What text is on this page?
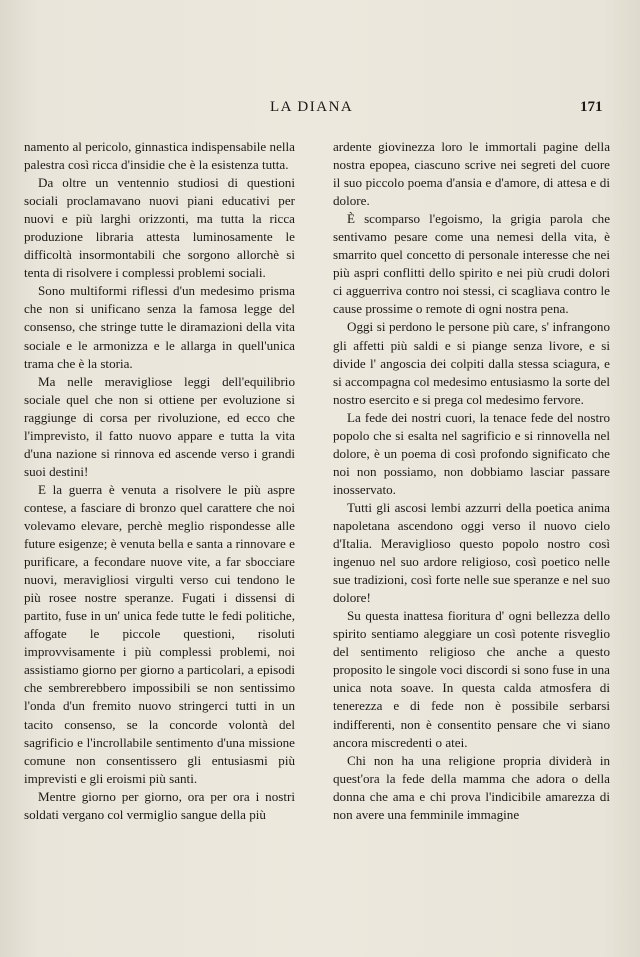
LA DIANA	171

namento al pericolo, ginnastica indispensabile nella palestra così ricca d'insidie che è la esistenza tutta.

Da oltre un ventennio studiosi di questioni sociali proclamavano nuovi piani educativi per nuovi e più larghi orizzonti, ma tutta la ricca produzione libraria attesta luminosamente le difficoltà insormontabili che sorgono allorchè si tenta di risolvere i complessi problemi sociali.

Sono multiformi riflessi d'un medesimo prisma che non si unificano senza la famosa legge del consenso, che stringe tutte le diramazioni della vita sociale e le armonizza e le allarga in quell'unica trama che è la storia.

Ma nelle meravigliose leggi dell'equilibrio sociale quel che non si ottiene per evoluzione si raggiunge di corsa per rivoluzione, ed ecco che l'imprevisto, il fatto nuovo appare e tutta la vita d'una nazione si rinnova ed ascende verso i grandi suoi destini!

E la guerra è venuta a risolvere le più aspre contese, a fasciare di bronzo quel carattere che noi volevamo elevare, perchè meglio rispondesse alle future esigenze; è venuta bella e santa a rinnovare e purificare, a fecondare nuove vite, a far sbocciare nuovi, meravigliosi virgulti verso cui tendono le più rosee nostre speranze. Fugati i dissensi di partito, fuse in un' unica fede tutte le fedi politiche, affogate le piccole questioni, risoluti improvvisamente i più complessi problemi, noi assistiamo giorno per giorno a particolari, a episodi che sembrerebbero impossibili se non sentissimo l'onda d'un fremito nuovo stringerci tutti in un tacito consenso, se la concorde volontà del sagrificio e l'incrollabile sentimento d'una missione comune non consentissero gli entusiasmi più imprevisti e gli eroismi più santi.

Mentre giorno per giorno, ora per ora i nostri soldati vergano col vermiglio sangue della più

ardente giovinezza loro le immortali pagine della nostra epopea, ciascuno scrive nei segreti del cuore il suo piccolo poema d'ansia e d'amore, di attesa e di dolore.

È scomparso l'egoismo, la grigia parola che sentivamo pesare come una nemesi della vita, è smarrito quel concetto di personale interesse che nei più aspri conflitti dello spirito e nei più crudi dolori ci agguerriva contro noi stessi, ci scagliava contro le cause prossime o remote di ogni nostra pena.

Oggi si perdono le persone più care, s' infrangono gli affetti più saldi e si piange senza livore, e si divide l' angoscia dei colpiti dalla stessa sciagura, e si accompagna col medesimo entusiasmo la sorte del nostro esercito e si prega col medesimo fervore.

La fede dei nostri cuori, la tenace fede del nostro popolo che si esalta nel sagrificio e si rinnovella nel dolore, è un poema di così profondo significato che noi non possiamo, non dobbiamo lasciar passare inosservato.

Tutti gli ascosi lembi azzurri della poetica anima napoletana ascendono oggi verso il nuovo cielo d'Italia. Meraviglioso questo popolo nostro così ingenuo nel suo ardore religioso, così poetico nelle sue tradizioni, così forte nelle sue speranze e nel suo dolore!

Su questa inattesa fioritura d' ogni bellezza dello spirito sentiamo aleggiare un così potente risveglio del sentimento religioso che anche a questo proposito le singole voci discordi si sono fuse in una unica nota soave. In questa calda atmosfera di tenerezza e di fede non è possibile serbarsi indifferenti, non è consentito pensare che vi siano ancora miscredenti o atei.

Chi non ha una religione propria dividerà in quest'ora la fede della mamma che adora o della donna che ama e chi prova l'indicibile amarezza di non avere una femminile immagine
